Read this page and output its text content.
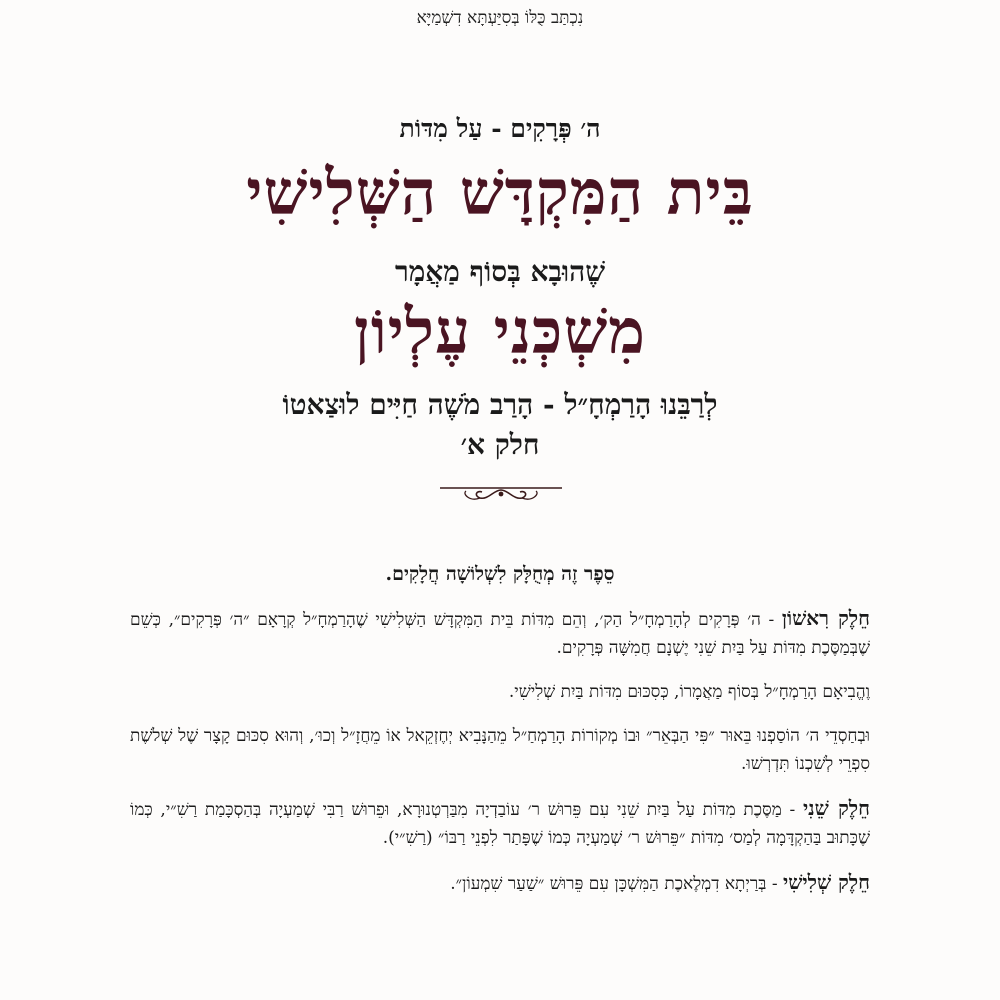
נִכְתַּב כֻּלּוֹ בְּסִיַּעְתָּא דִשְׁמַיָּא
ה׳ פְּרָקִים - עַל מִדּוֹת
בֵּית הַמִּקְדָּשׁ הַשְּׁלִישִׁי
שֶׁהוּבָא בְּסוֹף מַאֲמָר
מִשְׁכְּנֵי עֶלְיוֹן
לְרַבֵּנוּ הָרַמְחָ״ל - הָרַב מֹשֶׁה חַיִּים לוּצַאטוֹ
חלק א׳
סֵפֶר זֶה מְחֻלָּק לִשְׁלוֹשָׁה חֲלָקִים.

חֵלֶק רִאשׁוֹן - ה׳ פְּרָקִים לְהָרַמְחָ״ל הַק׳, וְהֵם מִדּוֹת בֵּית הַמִּקְדָּשׁ הַשְּׁלִישִׁי שֶׁהָרַמְחָ״ל קְרָאָם ״ה׳ פְּרָקִים״, כְּשֵׁם שֶׁבְּמַסֶּכֶת מִדּוֹת עַל בַּיִת שֵׁנִי יֶשְׁנָם חֲמִשָּׁה פְּרָקִים.

וֶהֱבִיאָם הָרַמְחָ״ל בְּסוֹף מַאֲמָרוֹ, כְּסִכּוּם מִדּוֹת בַּיִת שְׁלִישִׁי.

וּבְחַסְדֵי ה׳ הוֹסַפְנוּ בֵּאוּר ״פִּי הַבְּאֵר״ וּבוֹ מְקוֹרוֹת הָרַמְחַ״ל מֵהַנָּבִיא יְחֶזְקֵאל אוֹ מֵחֲזָ״ל וְכוּ׳, וְהוּא סִכּוּם קָצָר שֶׁל שְׁלֹשֶׁת סִפְרֵי לְשִׁכְנוֹ תִּדְרְשׁוּ.

חֵלֶק שֵׁנִי - מַסֶּכֶת מִדּוֹת עַל בַּיִת שֵׁנִי עִם פֵּרוּשׁ ר׳ עוֹבַדְיָה מִבַּרְטְנוּרָא, וּפֵרוּשׁ רַבִּי שְׁמַעְיָה בְּהַסְכָּמַת רַשִׁ״י, כְּמוֹ שֶׁכָּתוּב בַּהַקְדָּמָה לְמַס׳ מִדּוֹת ״פֵּרוּשׁ ר׳ שְׁמַעְיָה כְּמוֹ שֶׁפָּתַר לִפְנֵי רַבּוֹ״ (רַשִׁ״י).

חֵלֶק שְׁלִישִׁי - בְּרַיְתָא דִמְלֶאכֶת הַמִּשְׁכָּן עִם פֵּרוּשׁ ״שַׁעַר שִׁמְעוֹן״.
